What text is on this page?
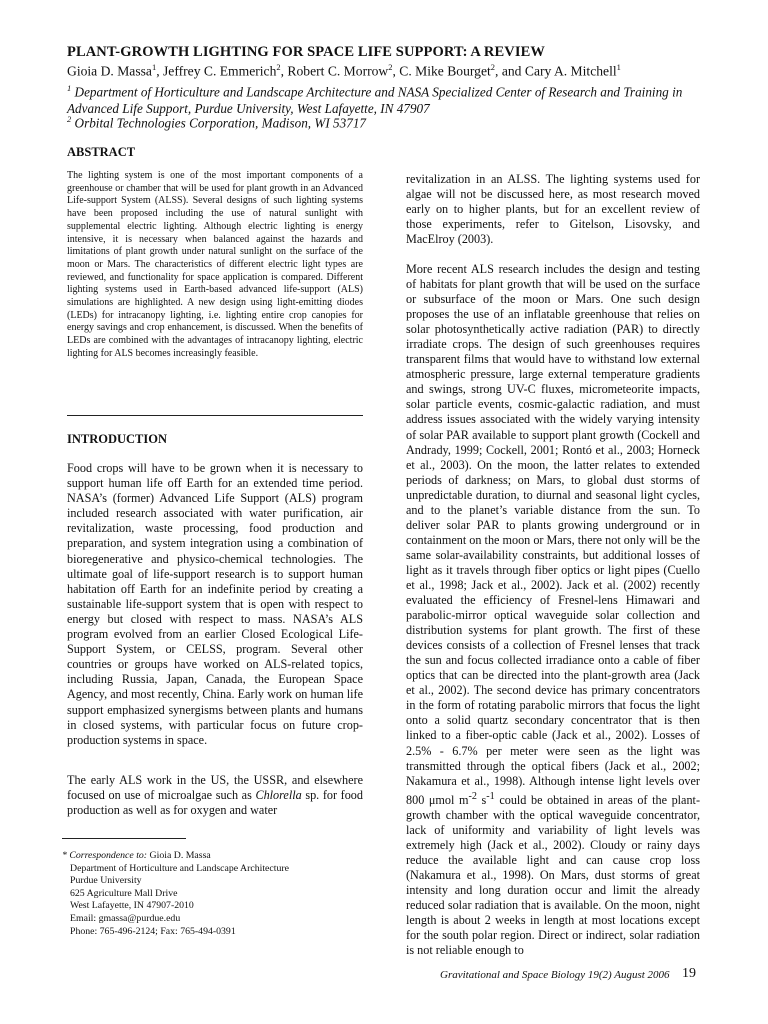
PLANT-GROWTH LIGHTING FOR SPACE LIFE SUPPORT: A REVIEW
Gioia D. Massa$^1$, Jeffrey C. Emmerich$^2$, Robert C. Morrow$^2$, C. Mike Bourget$^2$, and Cary A. Mitchell$^1$
$^1$ Department of Horticulture and Landscape Architecture and NASA Specialized Center of Research and Training in Advanced Life Support, Purdue University, West Lafayette, IN 47907
$^2$ Orbital Technologies Corporation, Madison, WI 53717
ABSTRACT

The lighting system is one of the most important components of a greenhouse or chamber that will be used for plant growth in an Advanced Life-support System (ALSS). Several designs of such lighting systems have been proposed including the use of natural sunlight with supplemental electric lighting. Although electric lighting is energy intensive, it is necessary when balanced against the hazards and limitations of plant growth under natural sunlight on the surface of the moon or Mars. The characteristics of different electric light types are reviewed, and functionality for space application is compared. Different lighting systems used in Earth-based advanced life-support (ALS) simulations are highlighted. A new design using light-emitting diodes (LEDs) for intracanopy lighting, i.e. lighting entire crop canopies for energy savings and crop enhancement, is discussed. When the benefits of LEDs are combined with the advantages of intracanopy lighting, electric lighting for ALS becomes increasingly feasible.

INTRODUCTION

Food crops will have to be grown when it is necessary to support human life off Earth for an extended time period. NASA’s (former) Advanced Life Support (ALS) program included research associated with water purification, air revitalization, waste processing, food production and preparation, and system integration using a combination of bioregenerative and physico-chemical technologies. The ultimate goal of life-support research is to support human habitation off Earth for an indefinite period by creating a sustainable life-support system that is open with respect to energy but closed with respect to mass. NASA’s ALS program evolved from an earlier Closed Ecological Life-Support System, or CELSS, program. Several other countries or groups have worked on ALS-related topics, including Russia, Japan, Canada, the European Space Agency, and most recently, China. Early work on human life support emphasized synergisms between plants and humans in closed systems, with particular focus on future crop-production systems in space.

The early ALS work in the US, the USSR, and elsewhere focused on use of microalgae such as Chlorella sp. for food production as well as for oxygen and water

* Correspondence to: Gioia D. Massa
Department of Horticulture and Landscape Architecture
Purdue University
625 Agriculture Mall Drive
West Lafayette, IN 47907-2010
Email: gmassa@purdue.edu
Phone: 765-496-2124; Fax: 765-494-0391

revitalization in an ALSS. The lighting systems used for algae will not be discussed here, as most research moved early on to higher plants, but for an excellent review of those experiments, refer to Gitelson, Lisovsky, and MacElroy (2003).

More recent ALS research includes the design and testing of habitats for plant growth that will be used on the surface or subsurface of the moon or Mars. One such design proposes the use of an inflatable greenhouse that relies on solar photosynthetically active radiation (PAR) to directly irradiate crops. The design of such greenhouses requires transparent films that would have to withstand low external atmospheric pressure, large external temperature gradients and swings, strong UV-C fluxes, micrometeorite impacts, solar particle events, cosmic-galactic radiation, and must address issues associated with the widely varying intensity of solar PAR available to support plant growth (Cockell and Andrady, 1999; Cockell, 2001; Rontó et al., 2003; Horneck et al., 2003). On the moon, the latter relates to extended periods of darkness; on Mars, to global dust storms of unpredictable duration, to diurnal and seasonal light cycles, and to the planet’s variable distance from the sun. To deliver solar PAR to plants growing underground or in containment on the moon or Mars, there not only will be the same solar-availability constraints, but additional losses of light as it travels through fiber optics or light pipes (Cuello et al., 1998; Jack et al., 2002). Jack et al. (2002) recently evaluated the efficiency of Fresnel-lens Himawari and parabolic-mirror optical waveguide solar collection and distribution systems for plant growth. The first of these devices consists of a collection of Fresnel lenses that track the sun and focus collected irradiance onto a cable of fiber optics that can be directed into the plant-growth area (Jack et al., 2002). The second device has primary concentrators in the form of rotating parabolic mirrors that focus the light onto a solid quartz secondary concentrator that is then linked to a fiber-optic cable (Jack et al., 2002). Losses of 2.5% - 6.7% per meter were seen as the light was transmitted through the optical fibers (Jack et al., 2002; Nakamura et al., 1998). Although intense light levels over 800 μmol $m^{-2}$ $s^{-1}$ could be obtained in areas of the plant-growth chamber with the optical waveguide concentrator, lack of uniformity and variability of light levels was extremely high (Jack et al., 2002). Cloudy or rainy days reduce the available light and can cause crop loss (Nakamura et al., 1998). On Mars, dust storms of great intensity and long duration occur and limit the already reduced solar radiation that is available. On the moon, night length is about 2 weeks in length at most locations except for the south polar region. Direct or indirect, solar radiation is not reliable enough to

Gravitational and Space Biology 19(2) August 2006 19
